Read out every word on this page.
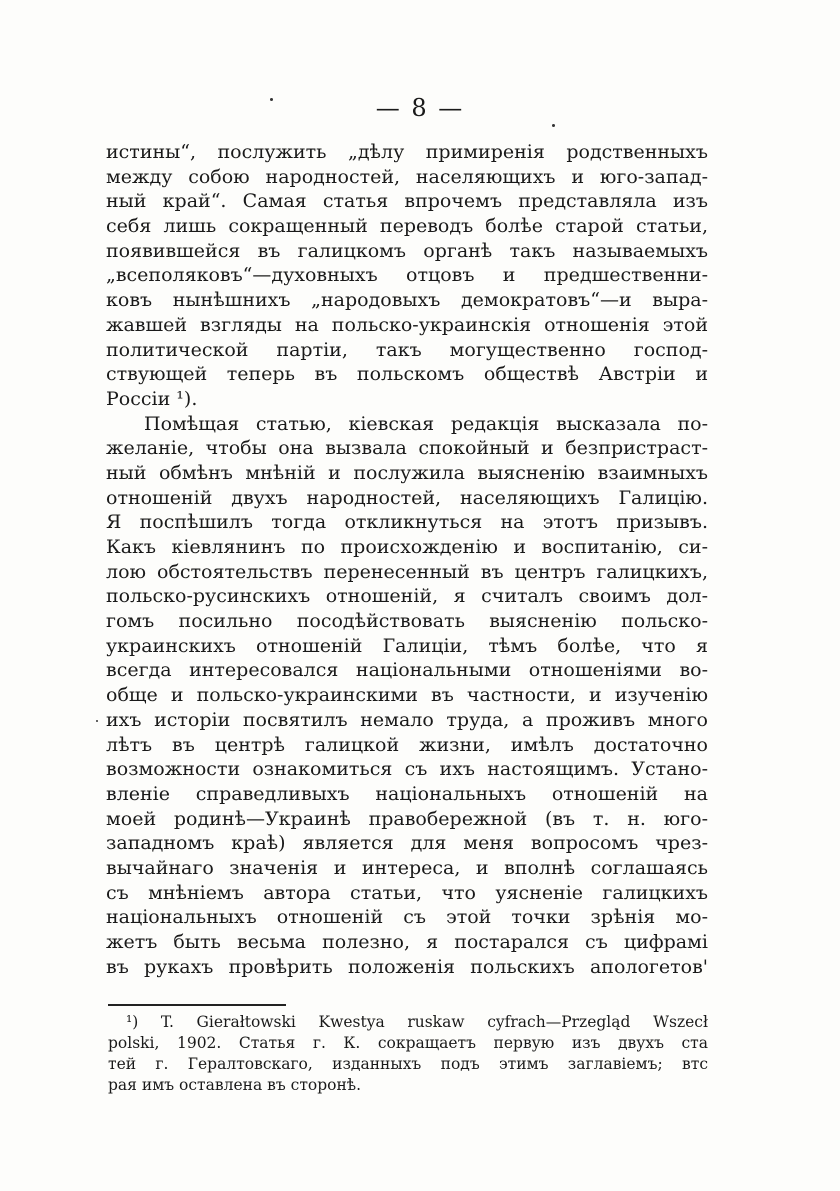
— 8 —
истины“, послужить „дѣлу примиренія родственныхъ
между собою народностей, населяющихъ и юго-запад-
ный край“. Самая статья впрочемъ представляла изъ
себя лишь сокращенный переводъ болѣе старой статьи,
появившейся въ галицкомъ органѣ такъ называемыхъ
„всеполяковъ“—духовныхъ отцовъ и предшественни-
ковъ нынѣшнихъ „народовыхъ демократовъ“—и выра-
жавшей взгляды на польско-украинскія отношенія этой
политической партіи, такъ могущественно господ-
ствующей теперь въ польскомъ обществѣ Австріи и
Россіи ¹).
Помѣщая статью, кіевская редакція высказала по-
желаніе, чтобы она вызвала спокойный и безпристраст-
ный обмѣнъ мнѣній и послужила выясненію взаимныхъ
отношеній двухъ народностей, населяющихъ Галицію.
Я поспѣшилъ тогда откликнуться на этотъ призывъ.
Какъ кіевлянинъ по происхожденію и воспитанію, си-
лою обстоятельствъ перенесенный въ центръ галицкихъ,
польско-русинскихъ отношеній, я считалъ своимъ дол-
гомъ посильно посодѣйствовать выясненію польско-
украинскихъ отношеній Галиціи, тѣмъ болѣе, что я
всегда интересовался національными отношеніями во-
обще и польско-украинскими въ частности, и изученію
ихъ исторіи посвятилъ немало труда, а проживъ много
лѣтъ въ центрѣ галицкой жизни, имѣлъ достаточно
возможности ознакомиться съ ихъ настоящимъ. Устано-
вленіе справедливыхъ національныхъ отношеній на
моей родинѣ—Украинѣ правобережной (въ т. н. юго-
западномъ краѣ) является для меня вопросомъ чрез-
вычайнаго значенія и интереса, и вполнѣ соглашаясь
съ мнѣніемъ автора статьи, что уясненіе галицкихъ
національныхъ отношеній съ этой точки зрѣнія мо-
жетъ быть весьма полезно, я постарался съ цифрамі
въ рукахъ провѣрить положенія польскихъ апологетов'
¹) T. Gierałtowski Kwestya ruskaw cyfrach—Przegląd Wszecł
polski, 1902. Статья г. К. сокращаетъ первую изъ двухъ ста
тей г. Гералтовскаго, изданныхъ подъ этимъ заглавіемъ; втс
рая имъ оставлена въ сторонѣ.
